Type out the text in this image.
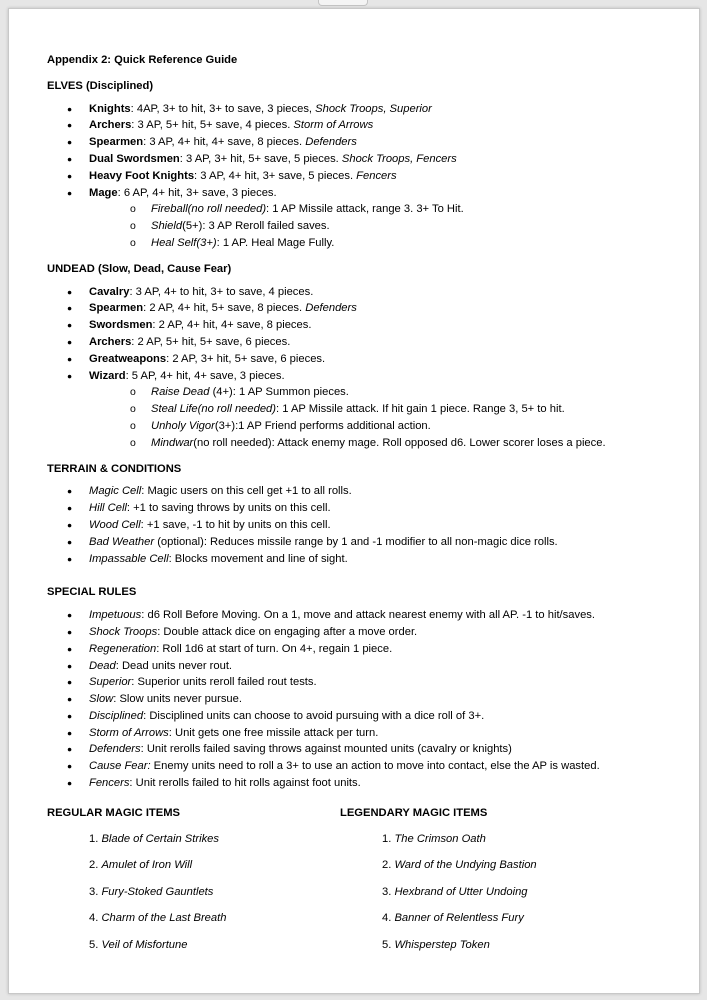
Appendix 2: Quick Reference Guide
ELVES (Disciplined)
● Knights: 4AP, 3+ to hit, 3+ to save, 3 pieces, Shock Troops, Superior
● Archers: 3 AP, 5+ hit, 5+ save, 4 pieces. Storm of Arrows
● Spearmen: 3 AP, 4+ hit, 4+ save, 8 pieces. Defenders
● Dual Swordsmen: 3 AP, 3+ hit, 5+ save, 5 pieces. Shock Troops, Fencers
● Heavy Foot Knights: 3 AP, 4+ hit, 3+ save, 5 pieces. Fencers
● Mage: 6 AP, 4+ hit, 3+ save, 3 pieces.
o Fireball(no roll needed): 1 AP Missile attack, range 3. 3+ To Hit.
o Shield(5+): 3 AP Reroll failed saves.
o Heal Self(3+): 1 AP. Heal Mage Fully.
UNDEAD (Slow, Dead, Cause Fear)
● Cavalry: 3 AP, 4+ to hit, 3+ to save, 4 pieces.
● Spearmen: 2 AP, 4+ hit, 5+ save, 8 pieces. Defenders
● Swordsmen: 2 AP, 4+ hit, 4+ save, 8 pieces.
● Archers: 2 AP, 5+ hit, 5+ save, 6 pieces.
● Greatweapons: 2 AP, 3+ hit, 5+ save, 6 pieces.
● Wizard: 5 AP, 4+ hit, 4+ save, 3 pieces.
o Raise Dead (4+): 1 AP Summon pieces.
o Steal Life(no roll needed): 1 AP Missile attack. If hit gain 1 piece. Range 3, 5+ to hit.
o Unholy Vigor(3+):1 AP Friend performs additional action.
o Mindwar(no roll needed): Attack enemy mage. Roll opposed d6. Lower scorer loses a piece.
TERRAIN & CONDITIONS
● Magic Cell: Magic users on this cell get +1 to all rolls.
● Hill Cell: +1 to saving throws by units on this cell.
● Wood Cell: +1 save, -1 to hit by units on this cell.
● Bad Weather (optional): Reduces missile range by 1 and -1 modifier to all non-magic dice rolls.
● Impassable Cell: Blocks movement and line of sight.
SPECIAL RULES
● Impetuous: d6 Roll Before Moving. On a 1, move and attack nearest enemy with all AP. -1 to hit/saves.
● Shock Troops: Double attack dice on engaging after a move order.
● Regeneration: Roll 1d6 at start of turn. On 4+, regain 1 piece.
● Dead: Dead units never rout.
● Superior: Superior units reroll failed rout tests.
● Slow: Slow units never pursue.
● Disciplined: Disciplined units can choose to avoid pursuing with a dice roll of 3+.
● Storm of Arrows: Unit gets one free missile attack per turn.
● Defenders: Unit rerolls failed saving throws against mounted units (cavalry or knights)
● Cause Fear: Enemy units need to roll a 3+ to use an action to move into contact, else the AP is wasted.
● Fencers: Unit rerolls failed to hit rolls against foot units.
REGULAR MAGIC ITEMS
1. Blade of Certain Strikes
2. Amulet of Iron Will
3. Fury-Stoked Gauntlets
4. Charm of the Last Breath
5. Veil of Misfortune
LEGENDARY MAGIC ITEMS
1. The Crimson Oath
2. Ward of the Undying Bastion
3. Hexbrand of Utter Undoing
4. Banner of Relentless Fury
5. Whisperstep Token
